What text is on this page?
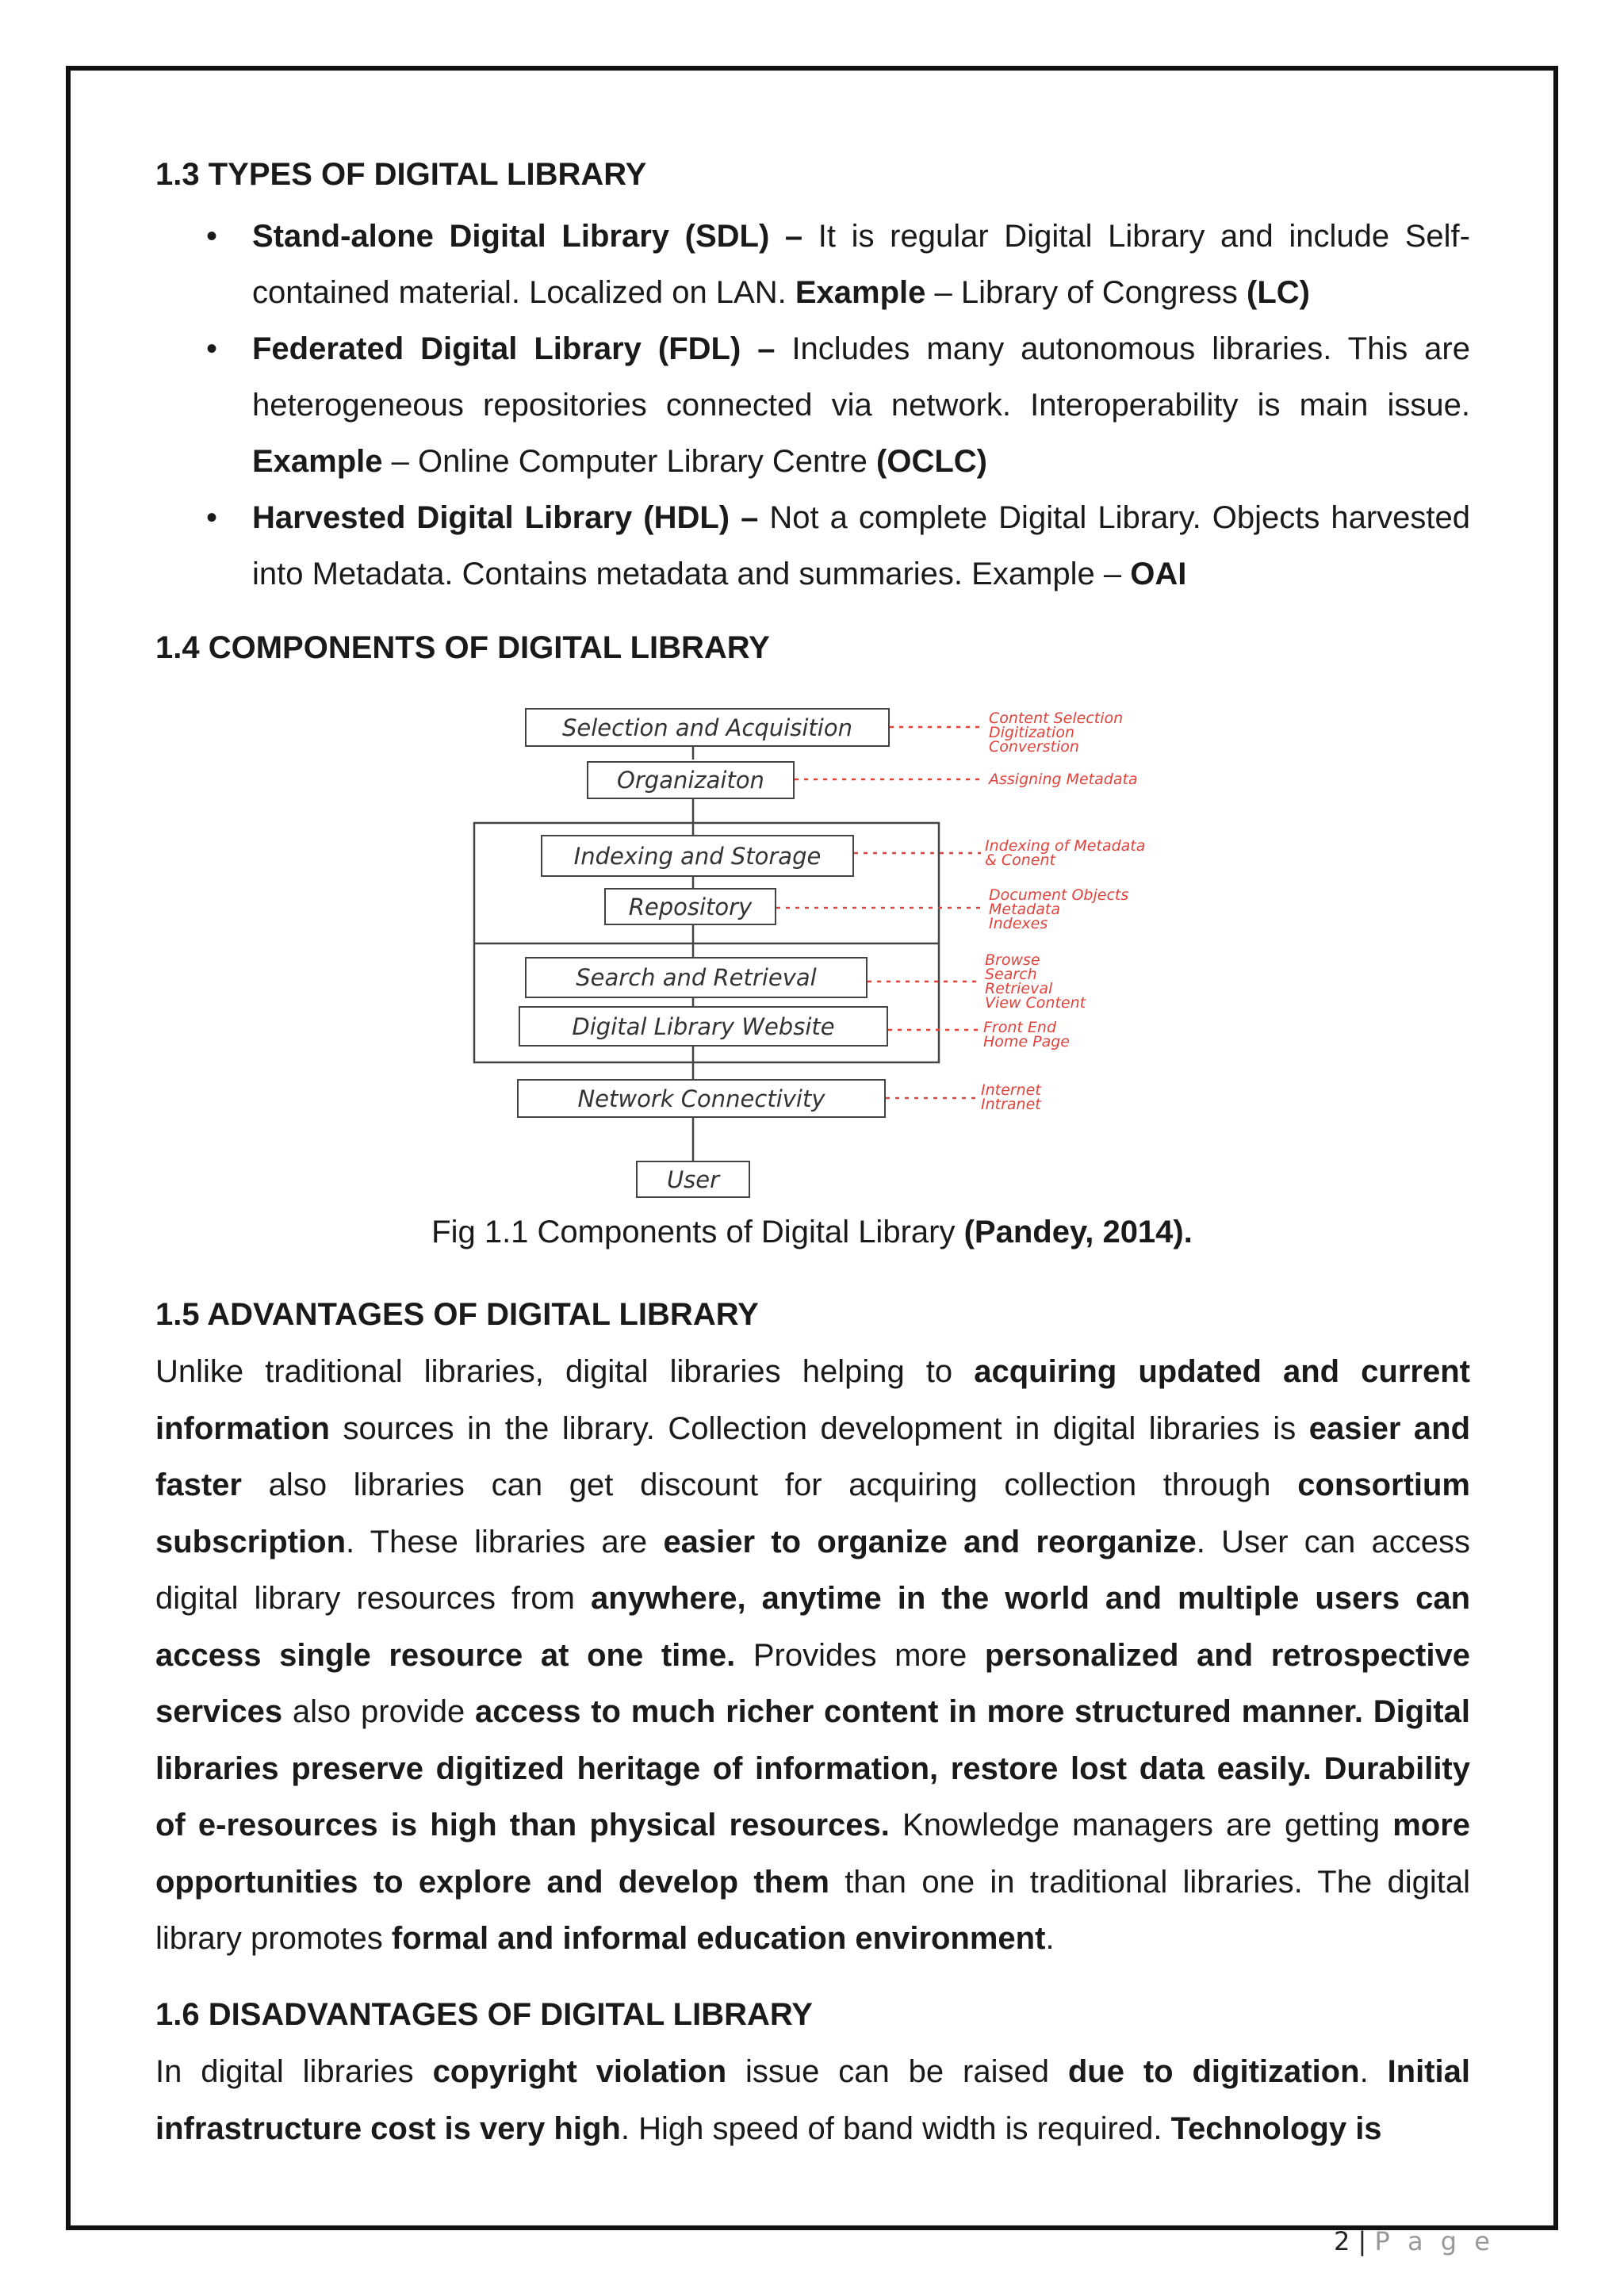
1.3 TYPES OF DIGITAL LIBRARY
• Stand-alone Digital Library (SDL) – It is regular Digital Library and include Self-contained material. Localized on LAN. Example – Library of Congress (LC)
• Federated Digital Library (FDL) – Includes many autonomous libraries. This are heterogeneous repositories connected via network. Interoperability is main issue. Example – Online Computer Library Centre (OCLC)
• Harvested Digital Library (HDL) – Not a complete Digital Library. Objects harvested into Metadata. Contains metadata and summaries. Example – OAI
1.4 COMPONENTS OF DIGITAL LIBRARY
Selection and Acquisition
Organizaiton
Indexing and Storage
Repository
Search and Retrieval
Digital Library Website
Network Connectivity
User
Content Selection
Digitization
Converstion
Assigning Metadata
Indexing of Metadata
& Conent
Document Objects
Metadata
Indexes
Browse
Search
Retrieval
View Content
Front End
Home Page
Internet
Intranet
Fig 1.1 Components of Digital Library (Pandey, 2014).
1.5 ADVANTAGES OF DIGITAL LIBRARY

Unlike traditional libraries, digital libraries helping to acquiring updated and current information sources in the library. Collection development in digital libraries is easier and faster also libraries can get discount for acquiring collection through consortium subscription. These libraries are easier to organize and reorganize. User can access digital library resources from anywhere, anytime in the world and multiple users can access single resource at one time. Provides more personalized and retrospective services also provide access to much richer content in more structured manner. Digital libraries preserve digitized heritage of information, restore lost data easily. Durability of e-resources is high than physical resources. Knowledge managers are getting more opportunities to explore and develop them than one in traditional libraries. The digital library promotes formal and informal education environment.

1.6 DISADVANTAGES OF DIGITAL LIBRARY

In digital libraries copyright violation issue can be raised due to digitization. Initial infrastructure cost is very high. High speed of band width is required. Technology is

2 | P a g e
